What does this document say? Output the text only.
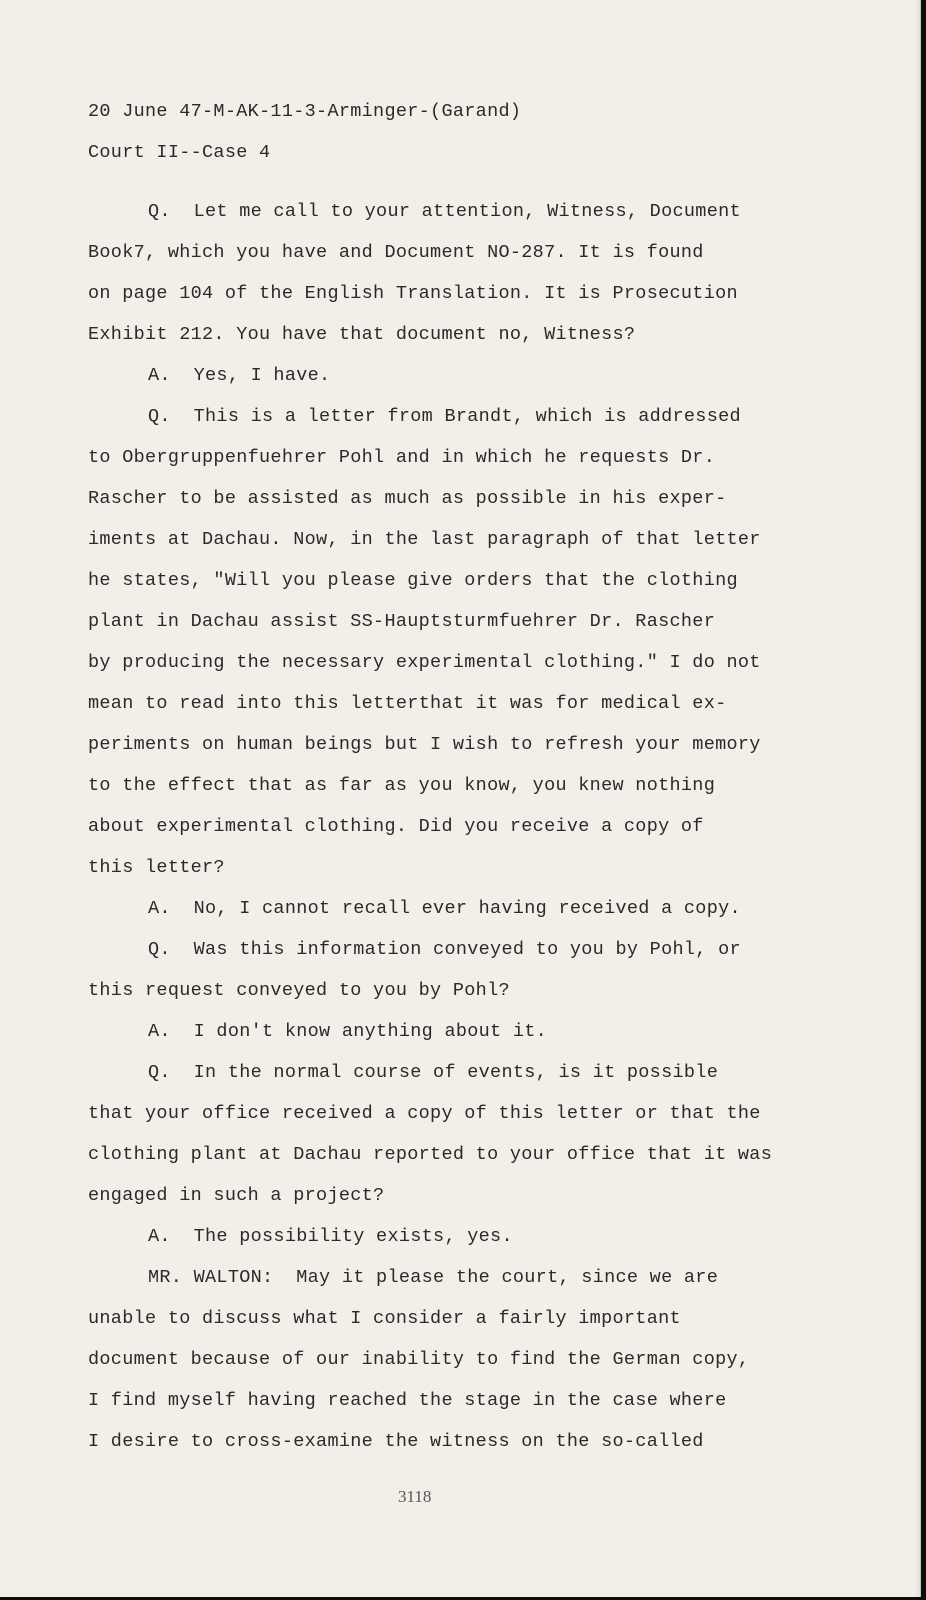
20 June 47-M-AK-11-3-Arminger-(Garand)

Court II--Case 4

Q.  Let me call to your attention, Witness, Document

Book7, which you have and Document NO-287. It is found

on page 104 of the English Translation. It is Prosecution

Exhibit 212. You have that document no, Witness?

A.  Yes, I have.

Q.  This is a letter from Brandt, which is addressed

to Obergruppenfuehrer Pohl and in which he requests Dr.

Rascher to be assisted as much as possible in his exper-

iments at Dachau. Now, in the last paragraph of that letter

he states, "Will you please give orders that the clothing

plant in Dachau assist SS-Hauptsturmfuehrer Dr. Rascher

by producing the necessary experimental clothing." I do not

mean to read into this letterthat it was for medical ex-

periments on human beings but I wish to refresh your memory

to the effect that as far as you know, you knew nothing

about experimental clothing. Did you receive a copy of

this letter?

A.  No, I cannot recall ever having received a copy.

Q.  Was this information conveyed to you by Pohl, or

this request conveyed to you by Pohl?

A.  I don't know anything about it.

Q.  In the normal course of events, is it possible

that your office received a copy of this letter or that the

clothing plant at Dachau reported to your office that it was

engaged in such a project?

A.  The possibility exists, yes.

MR. WALTON:  May it please the court, since we are

unable to discuss what I consider a fairly important

document because of our inability to find the German copy,

I find myself having reached the stage in the case where

I desire to cross-examine the witness on the so-called

3118
